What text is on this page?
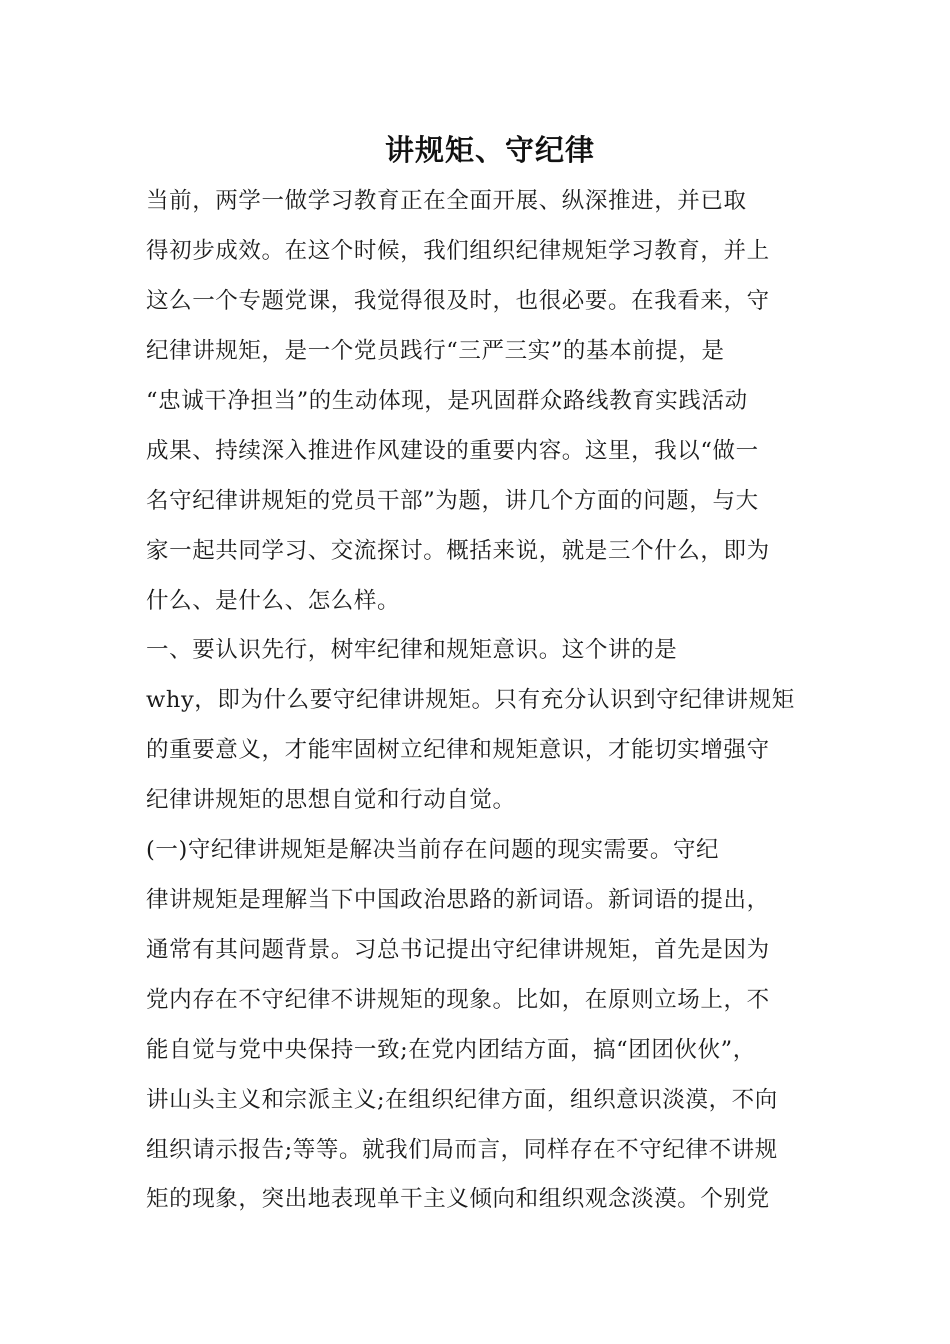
讲规矩、守纪律
当前，两学一做学习教育正在全面开展、纵深推进，并已取
得初步成效。在这个时候，我们组织纪律规矩学习教育，并上
这么一个专题党课，我觉得很及时，也很必要。在我看来，守
纪律讲规矩，是一个党员践行“三严三实”的基本前提，是
“忠诚干净担当”的生动体现，是巩固群众路线教育实践活动
成果、持续深入推进作风建设的重要内容。这里，我以“做一
名守纪律讲规矩的党员干部”为题，讲几个方面的问题，与大
家一起共同学习、交流探讨。概括来说，就是三个什么，即为
什么、是什么、怎么样。
一、要认识先行，树牢纪律和规矩意识。这个讲的是
why，即为什么要守纪律讲规矩。只有充分认识到守纪律讲规矩
的重要意义，才能牢固树立纪律和规矩意识，才能切实增强守
纪律讲规矩的思想自觉和行动自觉。
(一)守纪律讲规矩是解决当前存在问题的现实需要。守纪
律讲规矩是理解当下中国政治思路的新词语。新词语的提出，
通常有其问题背景。习总书记提出守纪律讲规矩，首先是因为
党内存在不守纪律不讲规矩的现象。比如，在原则立场上，不
能自觉与党中央保持一致;在党内团结方面，搞“团团伙伙”，
讲山头主义和宗派主义;在组织纪律方面，组织意识淡漠，不向
组织请示报告;等等。就我们局而言，同样存在不守纪律不讲规
矩的现象，突出地表现单干主义倾向和组织观念淡漠。个别党
